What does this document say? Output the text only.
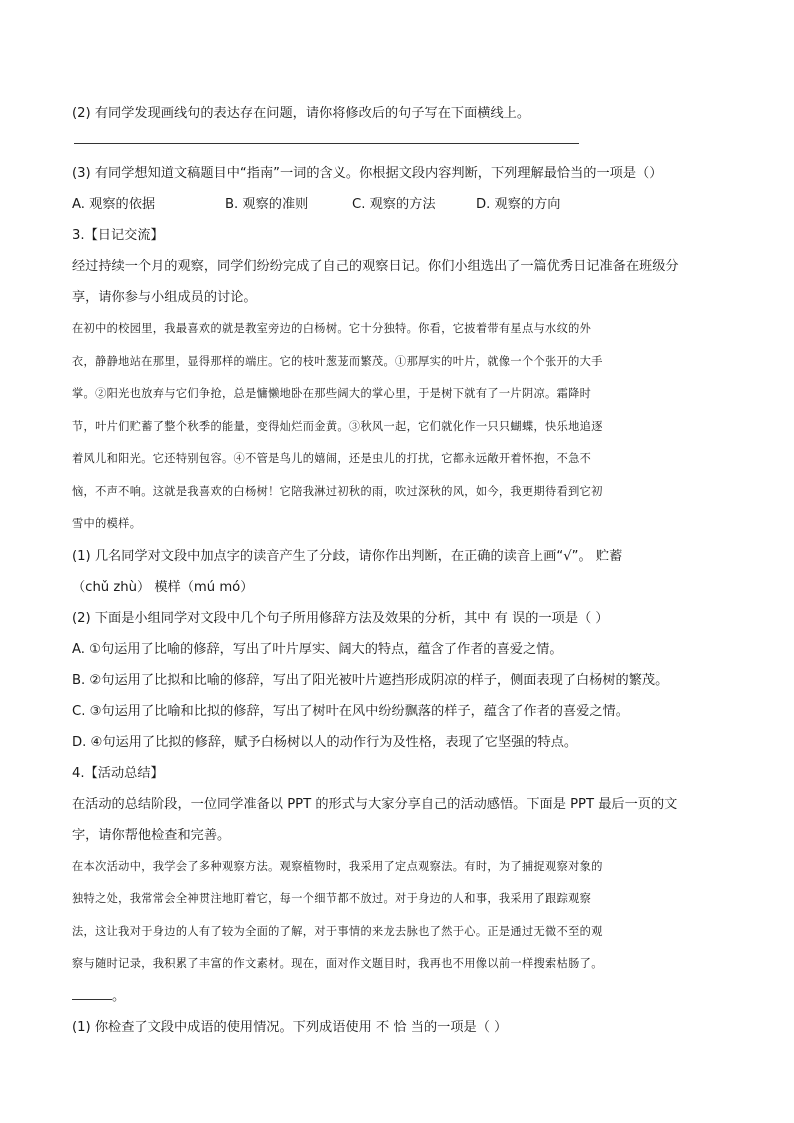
(2) 有同学发现画线句的表达存在问题，请你将修改后的句子写在下面横线上。

(3) 有同学想知道文稿题目中“指南”一词的含义。你根据文段内容判断，下列理解最恰当的一项是（）

A. 观察的依据	B. 观察的准则	C. 观察的方法	D. 观察的方向

3.【日记交流】

经过持续一个月的观察，同学们纷纷完成了自己的观察日记。你们小组选出了一篇优秀日记准备在班级分

享，请你参与小组成员的讨论。

在初中的校园里，我最喜欢的就是教室旁边的白杨树。它十分独特。你看，它披着带有星点与水纹的外

衣，静静地站在那里，显得那样的端庄。它的枝叶葱茏而繁茂。①那厚实的叶片，就像一个个张开的大手

掌。②阳光也放弃与它们争抢，总是慵懒地卧在那些阔大的掌心里，于是树下就有了一片阴凉。霜降时

节，叶片们贮蓄了整个秋季的能量，变得灿烂而金黄。③秋风一起，它们就化作一只只蝴蝶，快乐地追逐

着风儿和阳光。它还特别包容。④不管是鸟儿的嬉闹，还是虫儿的打扰，它都永远敞开着怀抱，不急不

恼，不声不响。这就是我喜欢的白杨树！它陪我淋过初秋的雨，吹过深秋的风，如今，我更期待看到它初

雪中的模样。

(1) 几名同学对文段中加点字的读音产生了分歧，请你作出判断，在正确的读音上画“√”。 贮蓄

（chǔ zhù） 模样（mú mó）

(2) 下面是小组同学对文段中几个句子所用修辞方法及效果的分析，其中 有 误的一项是（ ）

A. ①句运用了比喻的修辞，写出了叶片厚实、阔大的特点，蕴含了作者的喜爱之情。

B. ②句运用了比拟和比喻的修辞，写出了阳光被叶片遮挡形成阴凉的样子，侧面表现了白杨树的繁茂。

C. ③句运用了比喻和比拟的修辞，写出了树叶在风中纷纷飘落的样子，蕴含了作者的喜爱之情。

D. ④句运用了比拟的修辞，赋予白杨树以人的动作行为及性格，表现了它坚强的特点。

4.【活动总结】

在活动的总结阶段，一位同学准备以 PPT 的形式与大家分享自己的活动感悟。下面是 PPT 最后一页的文

字，请你帮他检查和完善。

在本次活动中，我学会了多种观察方法。观察植物时，我采用了定点观察法。有时，为了捕捉观察对象的

独特之处，我常常会全神贯注地盯着它，每一个细节都不放过。对于身边的人和事，我采用了跟踪观察

法，这让我对于身边的人有了较为全面的了解，对于事情的来龙去脉也了然于心。正是通过无微不至的观

察与随时记录，我积累了丰富的作文素材。现在，面对作文题目时，我再也不用像以前一样搜索枯肠了。

。

(1) 你检查了文段中成语的使用情况。下列成语使用 不 恰 当的一项是（ ）
